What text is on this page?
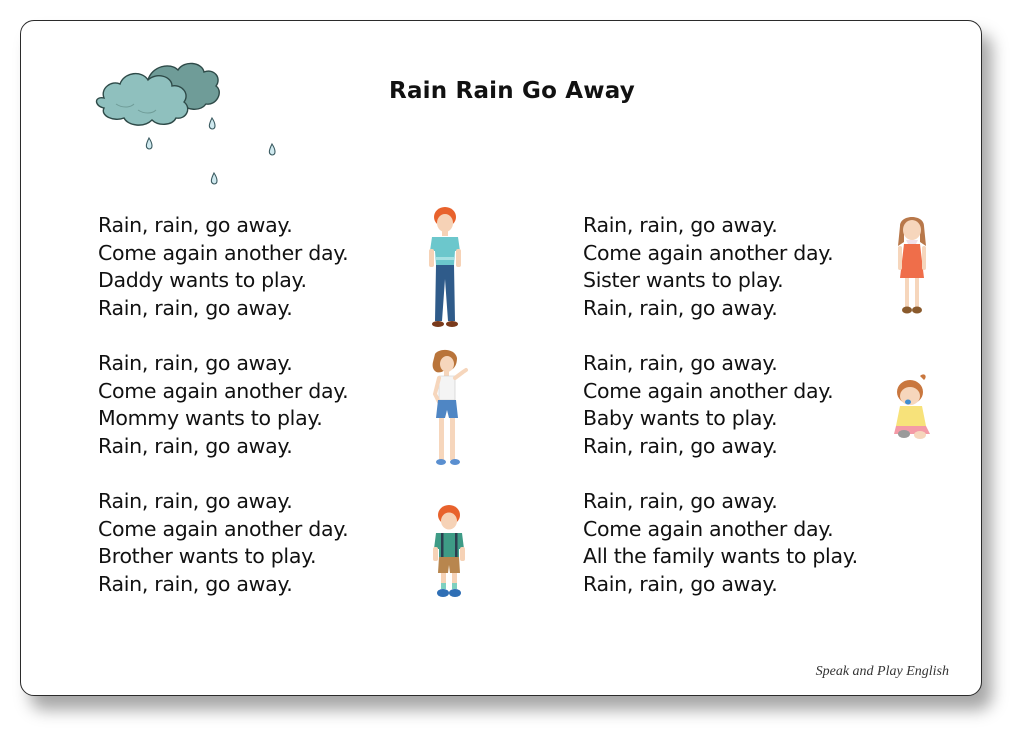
Rain Rain Go Away
Rain, rain, go away.
Come again another day.
Daddy wants to play.
Rain, rain, go away.
Rain, rain, go away.
Come again another day.
Mommy wants to play.
Rain, rain, go away.
Rain, rain, go away.
Come again another day.
Brother wants to play.
Rain, rain, go away.
Rain, rain, go away.
Come again another day.
Sister wants to play.
Rain, rain, go away.
Rain, rain, go away.
Come again another day.
Baby wants to play.
Rain, rain, go away.
Rain, rain, go away.
Come again another day.
All the family wants to play.
Rain, rain, go away.
Speak and Play English
